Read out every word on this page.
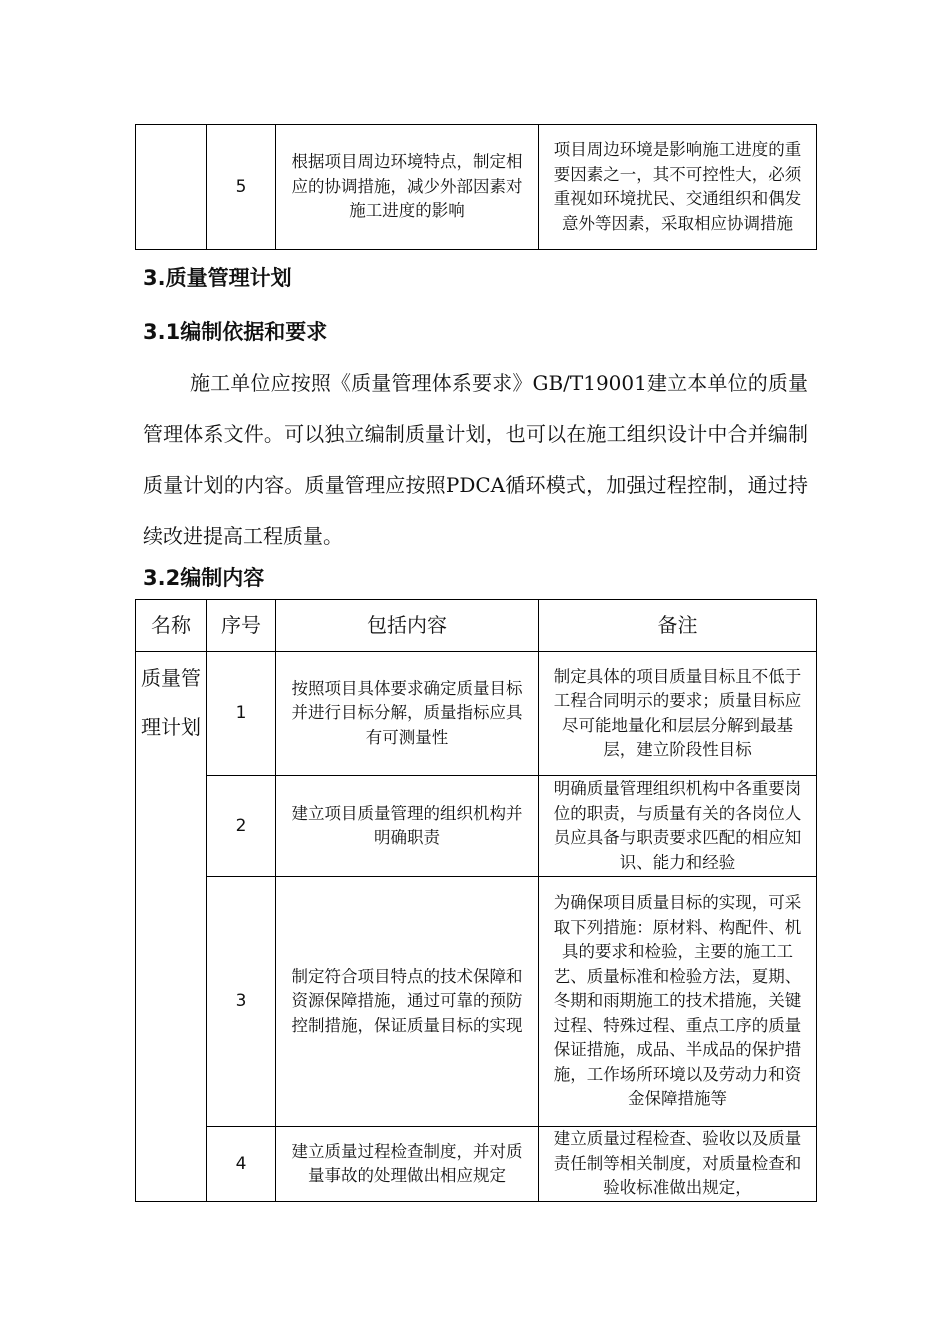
	5	根据项目周边环境特点，制定相应的协调措施，减少外部因素对施工进度的影响	项目周边环境是影响施工进度的重要因素之一，其不可控性大，必须重视如环境扰民、交通组织和偶发意外等因素，采取相应协调措施
3.质量管理计划
3.1编制依据和要求

施工单位应按照《质量管理体系要求》GB/T19001建立本单位的质量管理体系文件。可以独立编制质量计划，也可以在施工组织设计中合并编制质量计划的内容。质量管理应按照PDCA循环模式，加强过程控制，通过持续改进提高工程质量。

3.2编制内容
名称	序号	包括内容	备注
质量管理计划	1	按照项目具体要求确定质量目标并进行目标分解，质量指标应具有可测量性	制定具体的项目质量目标且不低于工程合同明示的要求；质量目标应尽可能地量化和层层分解到最基层，建立阶段性目标
	2	建立项目质量管理的组织机构并明确职责	明确质量管理组织机构中各重要岗位的职责，与质量有关的各岗位人员应具备与职责要求匹配的相应知识、能力和经验
	3	制定符合项目特点的技术保障和资源保障措施，通过可靠的预防控制措施，保证质量目标的实现	为确保项目质量目标的实现，可采取下列措施：原材料、构配件、机具的要求和检验，主要的施工工艺、质量标准和检验方法，夏期、冬期和雨期施工的技术措施，关键过程、特殊过程、重点工序的质量保证措施，成品、半成品的保护措施，工作场所环境以及劳动力和资金保障措施等
	4	建立质量过程检查制度，并对质量事故的处理做出相应规定	建立质量过程检查、验收以及质量责任制等相关制度，对质量检查和验收标准做出规定，
